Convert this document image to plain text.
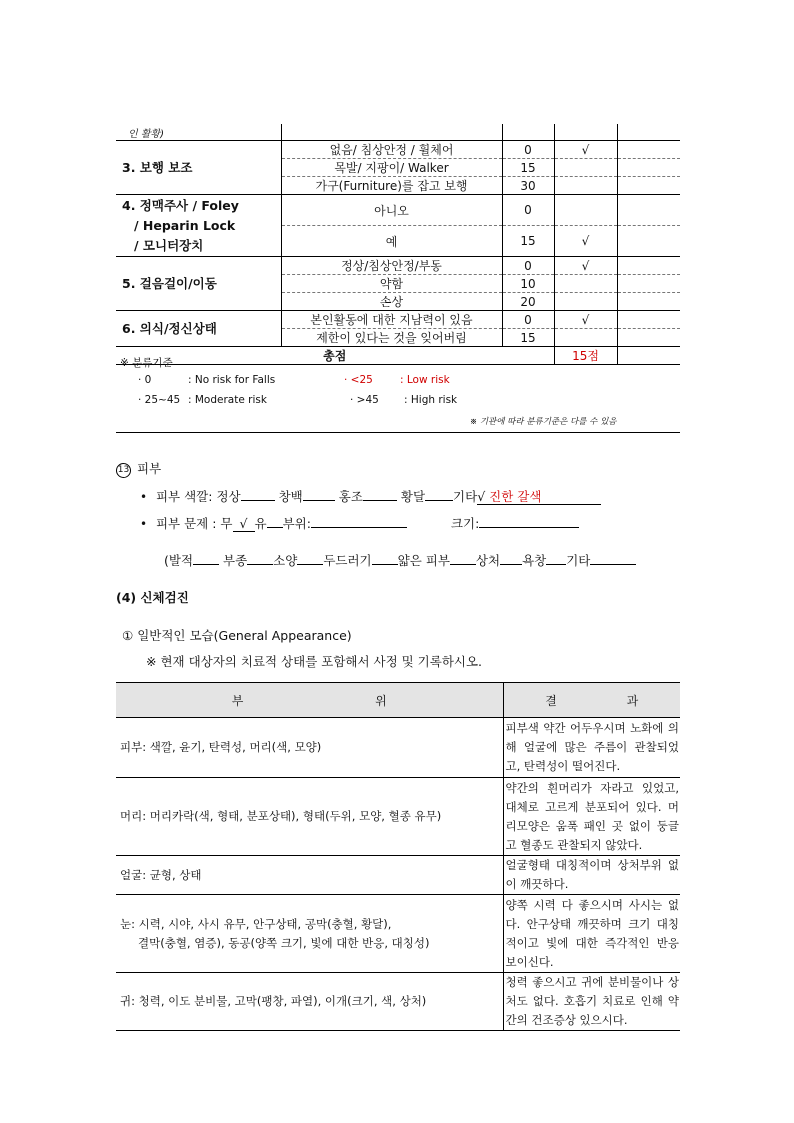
인 활황)				
3. 보행 보조	없음/ 침상안정 / 휠체어	0	√	
	목발/ 지팡이/ Walker	15		
	가구(Furniture)를 잡고 보행	30		

4. 정맥주사 / Foley
/ Heparin Lock
/ 모니터장치	아니오	0		
	예	15	√	
5. 걸음걸이/이동	정상/침상안정/부동	0	√	
	약함	10		
	손상	20		
6. 의식/정신상태	본인활동에 대한 지남력이 있음	0	√	
	제한이 있다는 것을 잊어버림	15		
총점			15점	
※ 분류기준
· 0	: No risk for Falls	· <25	: Low risk
· 25~45 : Moderate risk	· >45 : High risk
※ 기관에 따라 분류기준은 다를 수 있음
13 피부
• 피부 색깔: 정상	창백	홍조	황달 기타√ 진한 갈색
• 피부 문제 : 무 √ 유 부위:	크기:
(발적 부종 소양 두드러기 얇은 피부 상처 욕창 기타
(4) 신체검진
① 일반적인 모습(General Appearance)
※ 현재 대상자의 치료적 상태를 포함해서 사정 및 기록하시오.
부 위	결 과
피부: 색깔, 윤기, 탄력성, 머리(색, 모양)	피부색 약간 어두우시며 노화에 의해 얼굴에 많은 주름이 관찰되었고, 탄력성이 떨어진다.
머리: 머리카락(색, 형태, 분포상태), 형태(두위, 모양, 혈종 유무)	약간의 흰머리가 자라고 있었고, 대체로 고르게 분포되어 있다. 머리모양은 움푹 패인 곳 없이 둥글고 혈종도 관찰되지 않았다.
얼굴: 균형, 상태	얼굴형태 대칭적이며 상처부위 없이 깨끗하다.

눈: 시력, 시야, 사시 유무, 안구상태, 공막(충혈, 황달),
결막(충혈, 염증), 동공(양쪽 크기, 빛에 대한 반응, 대칭성)	양쪽 시력 다 좋으시며 사시는 없다. 안구상태 깨끗하며 크기 대칭적이고 빛에 대한 즉각적인 반응 보이신다.
귀: 청력, 이도 분비물, 고막(팽창, 파열), 이개(크기, 색, 상처)	청력 좋으시고 귀에 분비물이나 상처도 없다. 호흡기 치료로 인해 약간의 건조증상 있으시다.
